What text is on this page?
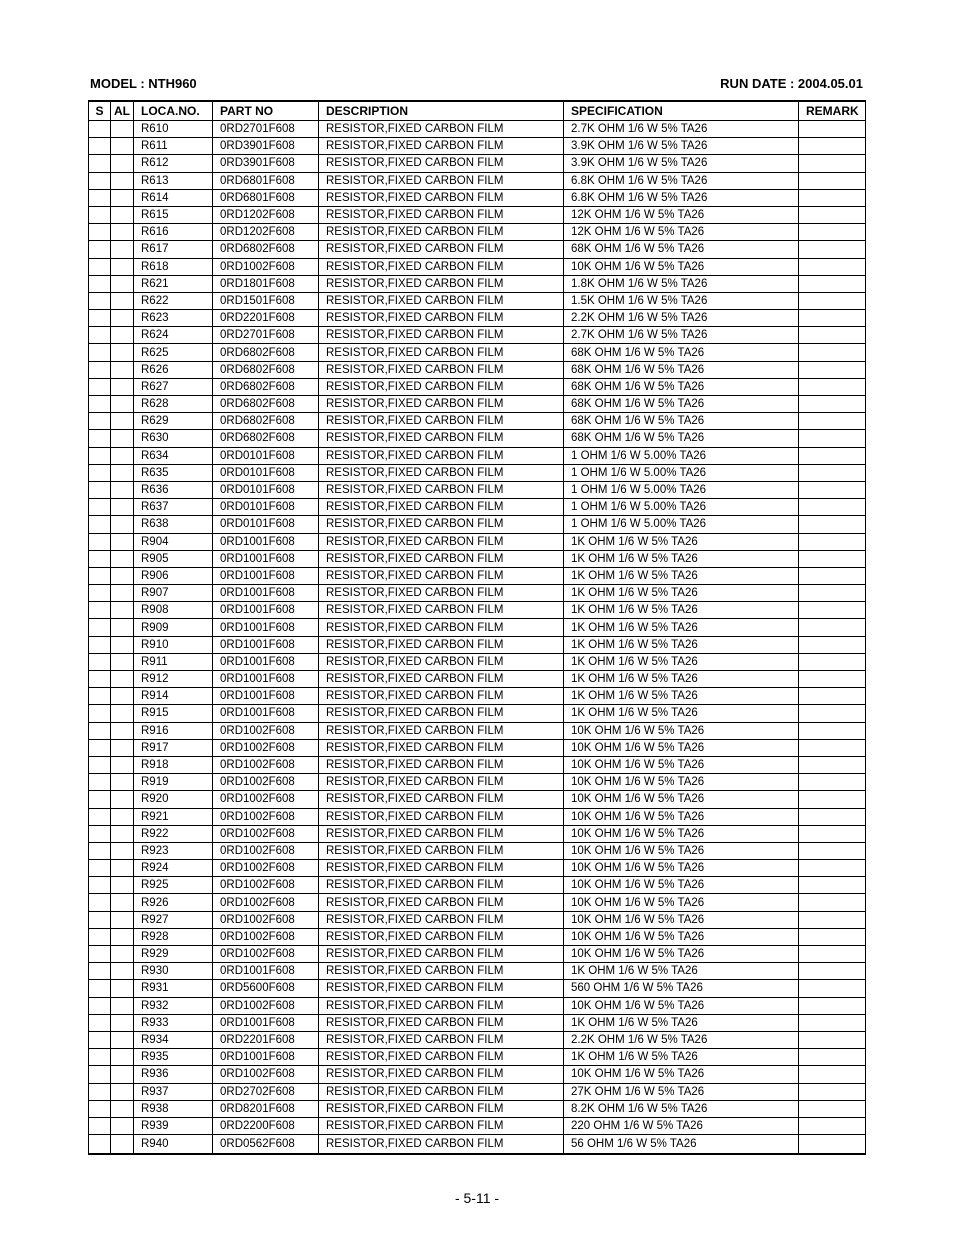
MODEL : NTH960	RUN DATE : 2004.05.01
S	AL	LOCA.NO.	PART NO	DESCRIPTION	SPECIFICATION	REMARK
		R610	0RD2701F608	RESISTOR,FIXED CARBON FILM	2.7K OHM 1/6 W 5% TA26	
		R611	0RD3901F608	RESISTOR,FIXED CARBON FILM	3.9K OHM 1/6 W 5% TA26	
		R612	0RD3901F608	RESISTOR,FIXED CARBON FILM	3.9K OHM 1/6 W 5% TA26	
		R613	0RD6801F608	RESISTOR,FIXED CARBON FILM	6.8K OHM 1/6 W 5% TA26	
		R614	0RD6801F608	RESISTOR,FIXED CARBON FILM	6.8K OHM 1/6 W 5% TA26	
		R615	0RD1202F608	RESISTOR,FIXED CARBON FILM	12K OHM 1/6 W 5% TA26	
		R616	0RD1202F608	RESISTOR,FIXED CARBON FILM	12K OHM 1/6 W 5% TA26	
		R617	0RD6802F608	RESISTOR,FIXED CARBON FILM	68K OHM 1/6 W 5% TA26	
		R618	0RD1002F608	RESISTOR,FIXED CARBON FILM	10K OHM 1/6 W 5% TA26	
		R621	0RD1801F608	RESISTOR,FIXED CARBON FILM	1.8K OHM 1/6 W 5% TA26	
		R622	0RD1501F608	RESISTOR,FIXED CARBON FILM	1.5K OHM 1/6 W 5% TA26	
		R623	0RD2201F608	RESISTOR,FIXED CARBON FILM	2.2K OHM 1/6 W 5% TA26	
		R624	0RD2701F608	RESISTOR,FIXED CARBON FILM	2.7K OHM 1/6 W 5% TA26	
		R625	0RD6802F608	RESISTOR,FIXED CARBON FILM	68K OHM 1/6 W 5% TA26	
		R626	0RD6802F608	RESISTOR,FIXED CARBON FILM	68K OHM 1/6 W 5% TA26	
		R627	0RD6802F608	RESISTOR,FIXED CARBON FILM	68K OHM 1/6 W 5% TA26	
		R628	0RD6802F608	RESISTOR,FIXED CARBON FILM	68K OHM 1/6 W 5% TA26	
		R629	0RD6802F608	RESISTOR,FIXED CARBON FILM	68K OHM 1/6 W 5% TA26	
		R630	0RD6802F608	RESISTOR,FIXED CARBON FILM	68K OHM 1/6 W 5% TA26	
		R634	0RD0101F608	RESISTOR,FIXED CARBON FILM	1 OHM 1/6 W 5.00% TA26	
		R635	0RD0101F608	RESISTOR,FIXED CARBON FILM	1 OHM 1/6 W 5.00% TA26	
		R636	0RD0101F608	RESISTOR,FIXED CARBON FILM	1 OHM 1/6 W 5.00% TA26	
		R637	0RD0101F608	RESISTOR,FIXED CARBON FILM	1 OHM 1/6 W 5.00% TA26	
		R638	0RD0101F608	RESISTOR,FIXED CARBON FILM	1 OHM 1/6 W 5.00% TA26	
		R904	0RD1001F608	RESISTOR,FIXED CARBON FILM	1K OHM 1/6 W 5% TA26	
		R905	0RD1001F608	RESISTOR,FIXED CARBON FILM	1K OHM 1/6 W 5% TA26	
		R906	0RD1001F608	RESISTOR,FIXED CARBON FILM	1K OHM 1/6 W 5% TA26	
		R907	0RD1001F608	RESISTOR,FIXED CARBON FILM	1K OHM 1/6 W 5% TA26	
		R908	0RD1001F608	RESISTOR,FIXED CARBON FILM	1K OHM 1/6 W 5% TA26	
		R909	0RD1001F608	RESISTOR,FIXED CARBON FILM	1K OHM 1/6 W 5% TA26	
		R910	0RD1001F608	RESISTOR,FIXED CARBON FILM	1K OHM 1/6 W 5% TA26	
		R911	0RD1001F608	RESISTOR,FIXED CARBON FILM	1K OHM 1/6 W 5% TA26	
		R912	0RD1001F608	RESISTOR,FIXED CARBON FILM	1K OHM 1/6 W 5% TA26	
		R914	0RD1001F608	RESISTOR,FIXED CARBON FILM	1K OHM 1/6 W 5% TA26	
		R915	0RD1001F608	RESISTOR,FIXED CARBON FILM	1K OHM 1/6 W 5% TA26	
		R916	0RD1002F608	RESISTOR,FIXED CARBON FILM	10K OHM 1/6 W 5% TA26	
		R917	0RD1002F608	RESISTOR,FIXED CARBON FILM	10K OHM 1/6 W 5% TA26	
		R918	0RD1002F608	RESISTOR,FIXED CARBON FILM	10K OHM 1/6 W 5% TA26	
		R919	0RD1002F608	RESISTOR,FIXED CARBON FILM	10K OHM 1/6 W 5% TA26	
		R920	0RD1002F608	RESISTOR,FIXED CARBON FILM	10K OHM 1/6 W 5% TA26	
		R921	0RD1002F608	RESISTOR,FIXED CARBON FILM	10K OHM 1/6 W 5% TA26	
		R922	0RD1002F608	RESISTOR,FIXED CARBON FILM	10K OHM 1/6 W 5% TA26	
		R923	0RD1002F608	RESISTOR,FIXED CARBON FILM	10K OHM 1/6 W 5% TA26	
		R924	0RD1002F608	RESISTOR,FIXED CARBON FILM	10K OHM 1/6 W 5% TA26	
		R925	0RD1002F608	RESISTOR,FIXED CARBON FILM	10K OHM 1/6 W 5% TA26	
		R926	0RD1002F608	RESISTOR,FIXED CARBON FILM	10K OHM 1/6 W 5% TA26	
		R927	0RD1002F608	RESISTOR,FIXED CARBON FILM	10K OHM 1/6 W 5% TA26	
		R928	0RD1002F608	RESISTOR,FIXED CARBON FILM	10K OHM 1/6 W 5% TA26	
		R929	0RD1002F608	RESISTOR,FIXED CARBON FILM	10K OHM 1/6 W 5% TA26	
		R930	0RD1001F608	RESISTOR,FIXED CARBON FILM	1K OHM 1/6 W 5% TA26	
		R931	0RD5600F608	RESISTOR,FIXED CARBON FILM	560 OHM 1/6 W 5% TA26	
		R932	0RD1002F608	RESISTOR,FIXED CARBON FILM	10K OHM 1/6 W 5% TA26	
		R933	0RD1001F608	RESISTOR,FIXED CARBON FILM	1K OHM 1/6 W 5% TA26	
		R934	0RD2201F608	RESISTOR,FIXED CARBON FILM	2.2K OHM 1/6 W 5% TA26	
		R935	0RD1001F608	RESISTOR,FIXED CARBON FILM	1K OHM 1/6 W 5% TA26	
		R936	0RD1002F608	RESISTOR,FIXED CARBON FILM	10K OHM 1/6 W 5% TA26	
		R937	0RD2702F608	RESISTOR,FIXED CARBON FILM	27K OHM 1/6 W 5% TA26	
		R938	0RD8201F608	RESISTOR,FIXED CARBON FILM	8.2K OHM 1/6 W 5% TA26	
		R939	0RD2200F608	RESISTOR,FIXED CARBON FILM	220 OHM 1/6 W 5% TA26	
		R940	0RD0562F608	RESISTOR,FIXED CARBON FILM	56 OHM 1/6 W 5% TA26	
- 5-11 -
